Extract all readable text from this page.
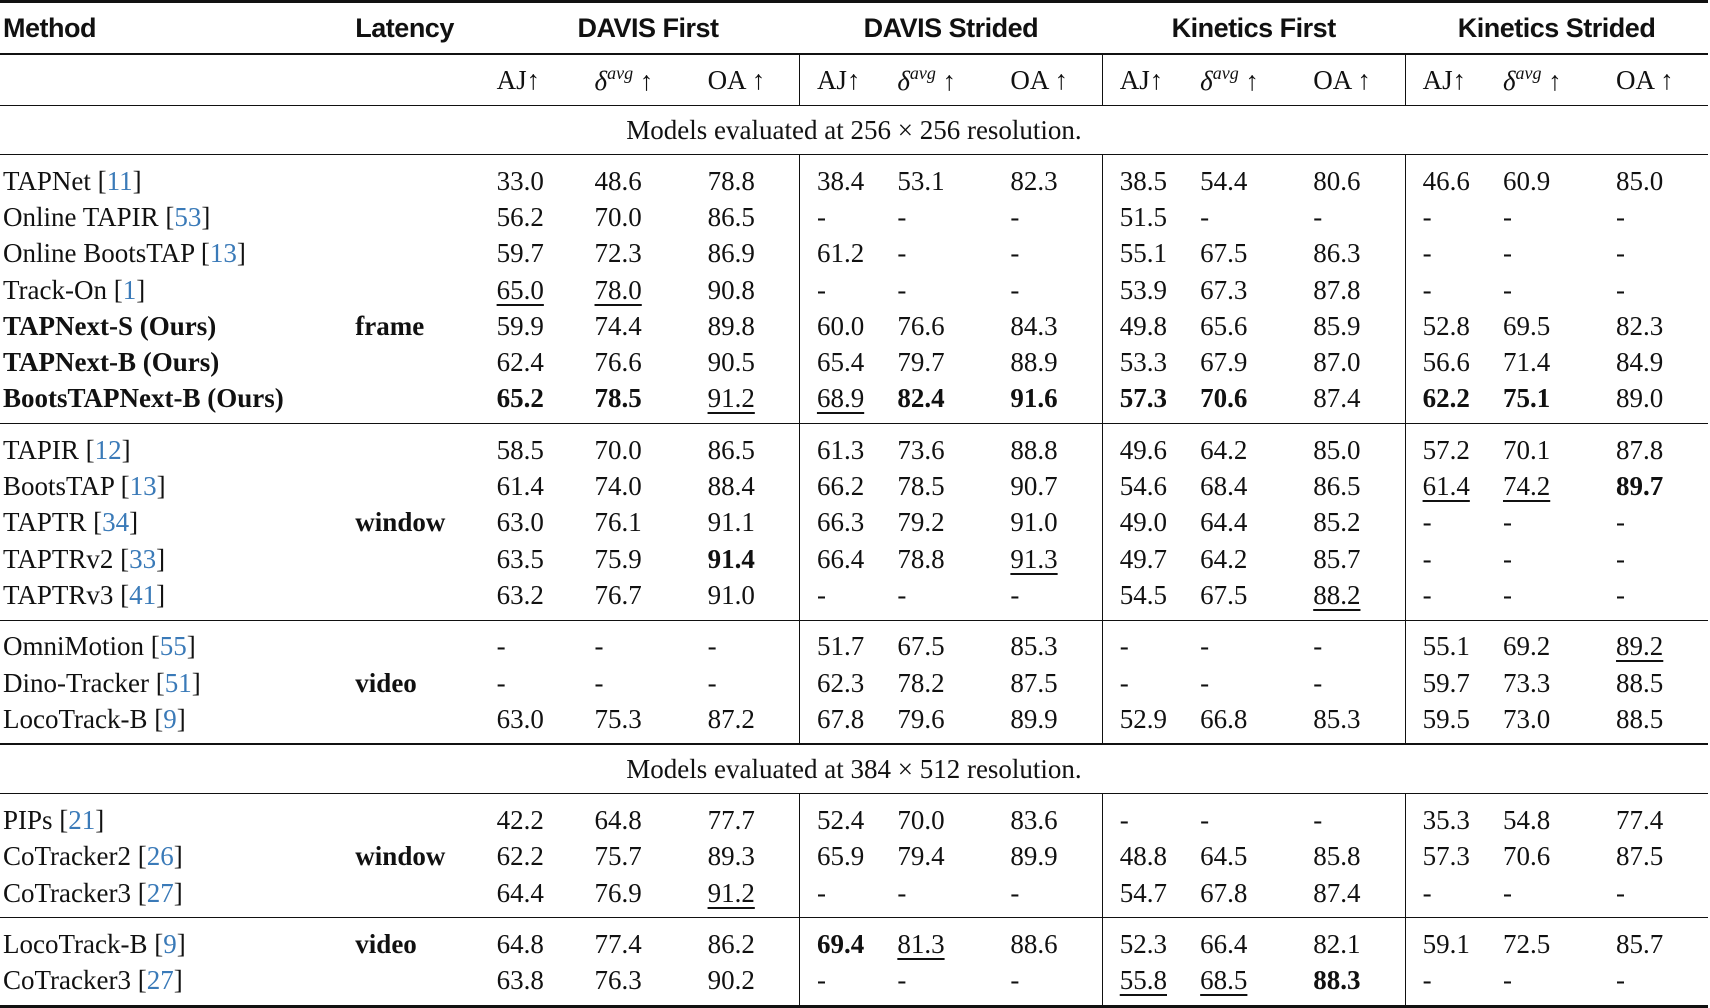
Method	Latency	DAVIS First			DAVIS Strided			Kinetics First			Kinetics Strided		
		AJ↑	$\delta^{avg}$ ↑	OA ↑	AJ↑	$\delta^{avg}$ ↑	OA ↑	AJ↑	$\delta^{avg}$ ↑	OA ↑	AJ↑	$\delta^{avg}$ ↑	OA ↑
Models evaluated at 256 × 256 resolution.													
TAPNet [11]		33.0	48.6	78.8	38.4	53.1	82.3	38.5	54.4	80.6	46.6	60.9	85.0
Online TAPIR [53]		56.2	70.0	86.5	-	-	-	51.5	-	-	-	-	-
Online BootsTAP [13]		59.7	72.3	86.9	61.2	-	-	55.1	67.5	86.3	-	-	-
Track-On [1]		65.0	78.0	90.8	-	-	-	53.9	67.3	87.8	-	-	-
TAPNext-S (Ours)	frame	59.9	74.4	89.8	60.0	76.6	84.3	49.8	65.6	85.9	52.8	69.5	82.3
TAPNext-B (Ours)		62.4	76.6	90.5	65.4	79.7	88.9	53.3	67.9	87.0	56.6	71.4	84.9
BootsTAPNext-B (Ours)		65.2	78.5	91.2	68.9	82.4	91.6	57.3	70.6	87.4	62.2	75.1	89.0
TAPIR [12]		58.5	70.0	86.5	61.3	73.6	88.8	49.6	64.2	85.0	57.2	70.1	87.8
BootsTAP [13]		61.4	74.0	88.4	66.2	78.5	90.7	54.6	68.4	86.5	61.4	74.2	89.7
TAPTR [34]	window	63.0	76.1	91.1	66.3	79.2	91.0	49.0	64.4	85.2	-	-	-
TAPTRv2 [33]		63.5	75.9	91.4	66.4	78.8	91.3	49.7	64.2	85.7	-	-	-
TAPTRv3 [41]		63.2	76.7	91.0	-	-	-	54.5	67.5	88.2	-	-	-
OmniMotion [55]		-	-	-	51.7	67.5	85.3	-	-	-	55.1	69.2	89.2
Dino-Tracker [51]	video	-	-	-	62.3	78.2	87.5	-	-	-	59.7	73.3	88.5
LocoTrack-B [9]		63.0	75.3	87.2	67.8	79.6	89.9	52.9	66.8	85.3	59.5	73.0	88.5
Models evaluated at 384 × 512 resolution.													
PIPs [21]		42.2	64.8	77.7	52.4	70.0	83.6	-	-	-	35.3	54.8	77.4
CoTracker2 [26]	window	62.2	75.7	89.3	65.9	79.4	89.9	48.8	64.5	85.8	57.3	70.6	87.5
CoTracker3 [27]		64.4	76.9	91.2	-	-	-	54.7	67.8	87.4	-	-	-
LocoTrack-B [9]	video	64.8	77.4	86.2	69.4	81.3	88.6	52.3	66.4	82.1	59.1	72.5	85.7
CoTracker3 [27]		63.8	76.3	90.2	-	-	-	55.8	68.5	88.3	-	-	-
